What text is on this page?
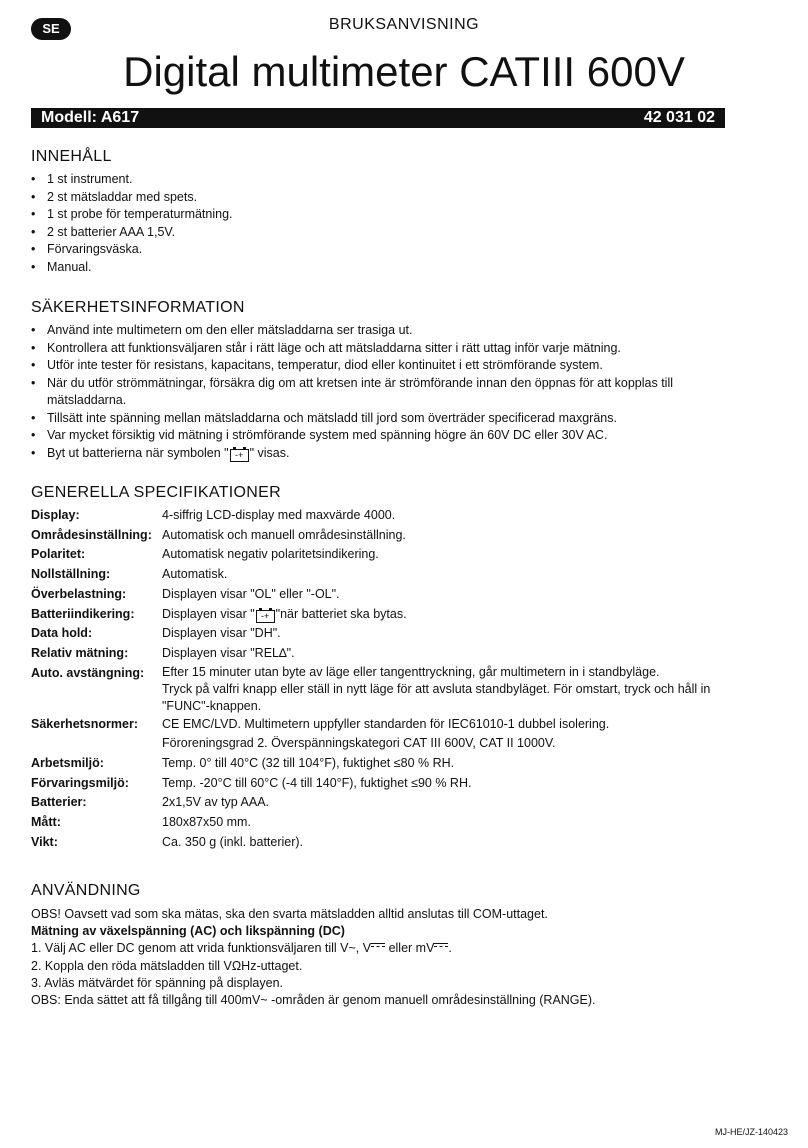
SE	BRUKSANVISNING
Digital multimeter CATIII 600V
Modell: A617	42 031 02
INNEHÅLL
• 1 st instrument.
• 2 st mätsladdar med spets.
• 1 st probe för temperaturmätning.
• 2 st batterier AAA 1,5V.
• Förvaringsväska.
• Manual.
SÄKERHETSINFORMATION
• Använd inte multimetern om den eller mätsladdarna ser trasiga ut.
• Kontrollera att funktionsväljaren står i rätt läge och att mätsladdarna sitter i rätt uttag inför varje mätning.
• Utför inte tester för resistans, kapacitans, temperatur, diod eller kontinuitet i ett strömförande system.
• När du utför strömmätningar, försäkra dig om att kretsen inte är strömförande innan den öppnas för att kopplas till mätsladdarna.
• Tillsätt inte spänning mellan mätsladdarna och mätsladd till jord som överträder specificerad maxgräns.
• Var mycket försiktig vid mätning i strömförande system med spänning högre än 60V DC eller 30V AC.
• Byt ut batterierna när symbolen " -+ " visas.
GENERELLA SPECIFIKATIONER
Display:	4-siffrig LCD-display med maxvärde 4000.
Områdesinställning: Automatisk och manuell områdesinställning.
Polaritet:	Automatisk negativ polaritetsindikering.
Nollställning:	Automatisk.
Överbelastning:	Displayen visar "OL" eller "-OL".
Batteriindikering:	Displayen visar " -+ "när batteriet ska bytas.
Data hold:	Displayen visar "DH".
Relativ mätning:	Displayen visar "REL∆".
Auto. avstängning:	Efter 15 minuter utan byte av läge eller tangenttryckning, går multimetern in i standbyläge.
Tryck på valfri knapp eller ställ in nytt läge för att avsluta standbyläget. För omstart, tryck och håll in "FUNC"-knappen.
Säkerhetsnormer:	CE EMC/LVD. Multimetern uppfyller standarden för IEC61010-1 dubbel isolering.
Föroreningsgrad 2. Överspänningskategori CAT III 600V, CAT II 1000V.
Arbetsmiljö:	Temp. 0° till 40°C (32 till 104°F), fuktighet ≤80 % RH.
Förvaringsmiljö:	Temp. -20°C till 60°C (-4 till 140°F), fuktighet ≤90 % RH.
Batterier:	2x1,5V av typ AAA.
Mått:	180x87x50 mm.
Vikt:	Ca. 350 g (inkl. batterier).
ANVÄNDNING
OBS! Oavsett vad som ska mätas, ska den svarta mätsladden alltid anslutas till COM-uttaget.
Mätning av växelspänning (AC) och likspänning (DC)
1. Välj AC eller DC genom att vrida funktionsväljaren till V~, V eller mV .
2. Koppla den röda mätsladden till VΩHz-uttaget.
3. Avläs mätvärdet för spänning på displayen.
OBS: Enda sättet att få tillgång till 400mV~ -områden är genom manuell områdesinställning (RANGE).
MJ-HE/JZ-140423
